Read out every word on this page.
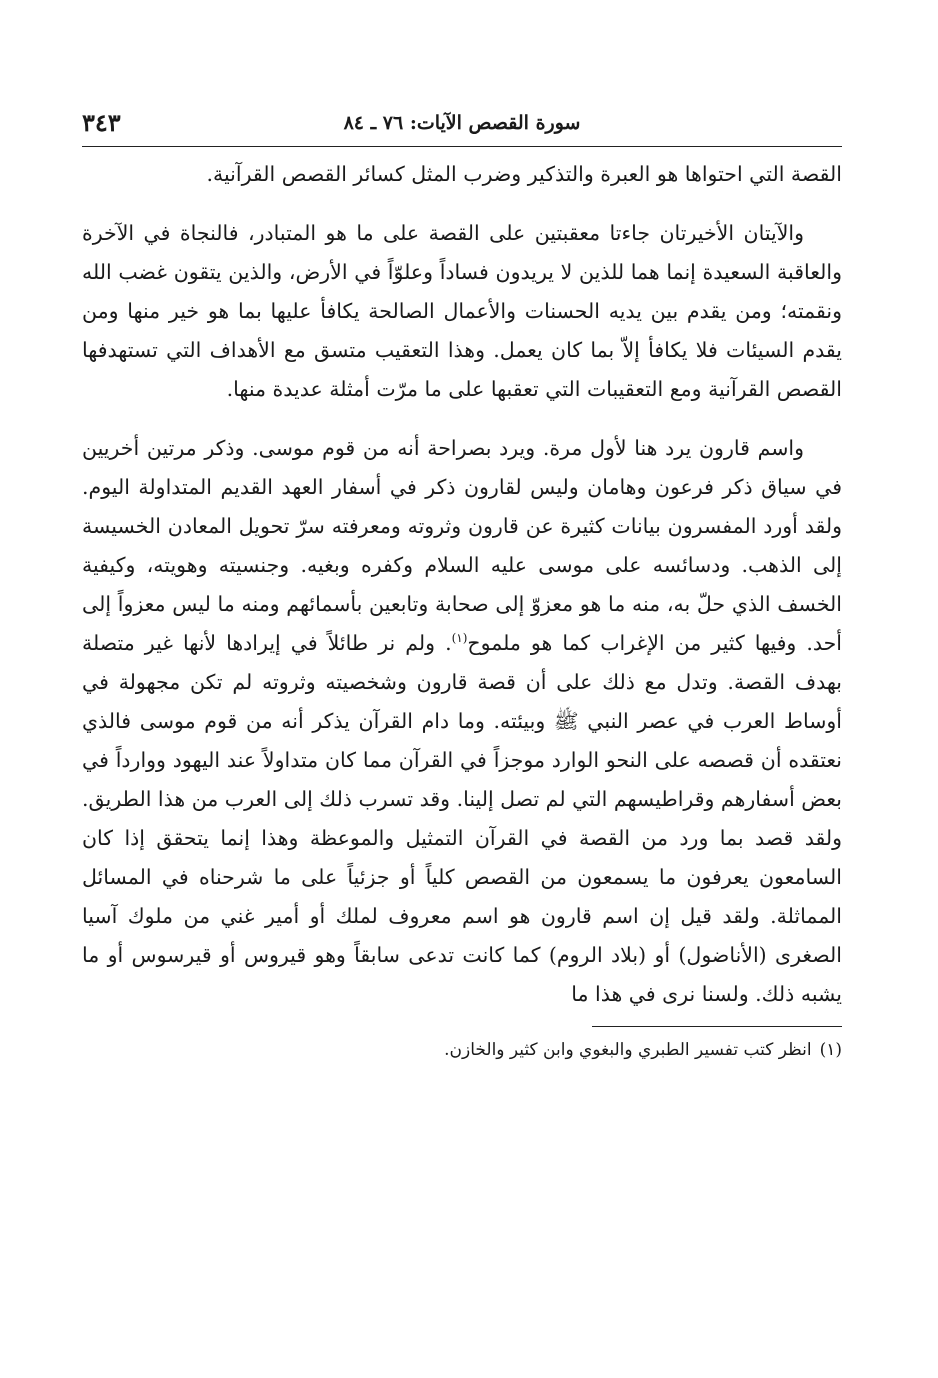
سورة القصص الآيات: ٧٦ ـ ٨٤
٣٤٣

القصة التي احتواها هو العبرة والتذكير وضرب المثل كسائر القصص القرآنية.

والآيتان الأخيرتان جاءتا معقبتين على القصة على ما هو المتبادر، فالنجاة في الآخرة والعاقبة السعيدة إنما هما للذين لا يريدون فساداً وعلوّاً في الأرض، والذين يتقون غضب الله ونقمته؛ ومن يقدم بين يديه الحسنات والأعمال الصالحة يكافأ عليها بما هو خير منها ومن يقدم السيئات فلا يكافأ إلاّ بما كان يعمل. وهذا التعقيب متسق مع الأهداف التي تستهدفها القصص القرآنية ومع التعقيبات التي تعقبها على ما مرّت أمثلة عديدة منها.

واسم قارون يرد هنا لأول مرة. ويرد بصراحة أنه من قوم موسى. وذكر مرتين أخريين في سياق ذكر فرعون وهامان وليس لقارون ذكر في أسفار العهد القديم المتداولة اليوم. ولقد أورد المفسرون بيانات كثيرة عن قارون وثروته ومعرفته سرّ تحويل المعادن الخسيسة إلى الذهب. ودسائسه على موسى عليه السلام وكفره وبغيه. وجنسيته وهويته، وكيفية الخسف الذي حلّ به، منه ما هو معزوّ إلى صحابة وتابعين بأسمائهم ومنه ما ليس معزواً إلى أحد. وفيها كثير من الإغراب كما هو ملموح$^{(١)}$. ولم نر طائلاً في إيرادها لأنها غير متصلة بهدف القصة. وتدل مع ذلك على أن قصة قارون وشخصيته وثروته لم تكن مجهولة في أوساط العرب في عصر النبي ﷺ وبيئته. وما دام القرآن يذكر أنه من قوم موسى فالذي نعتقده أن قصصه على النحو الوارد موجزاً في القرآن مما كان متداولاً عند اليهود ووارداً في بعض أسفارهم وقراطيسهم التي لم تصل إلينا. وقد تسرب ذلك إلى العرب من هذا الطريق. ولقد قصد بما ورد من القصة في القرآن التمثيل والموعظة وهذا إنما يتحقق إذا كان السامعون يعرفون ما يسمعون من القصص كلياً أو جزئياً على ما شرحناه في المسائل المماثلة. ولقد قيل إن اسم قارون هو اسم معروف لملك أو أمير غني من ملوك آسيا الصغرى (الأناضول) أو (بلاد الروم) كما كانت تدعى سابقاً وهو قيروس أو قيرسوس أو ما يشبه ذلك. ولسنا نرى في هذا ما

(١)انظر كتب تفسير الطبري والبغوي وابن كثير والخازن.
